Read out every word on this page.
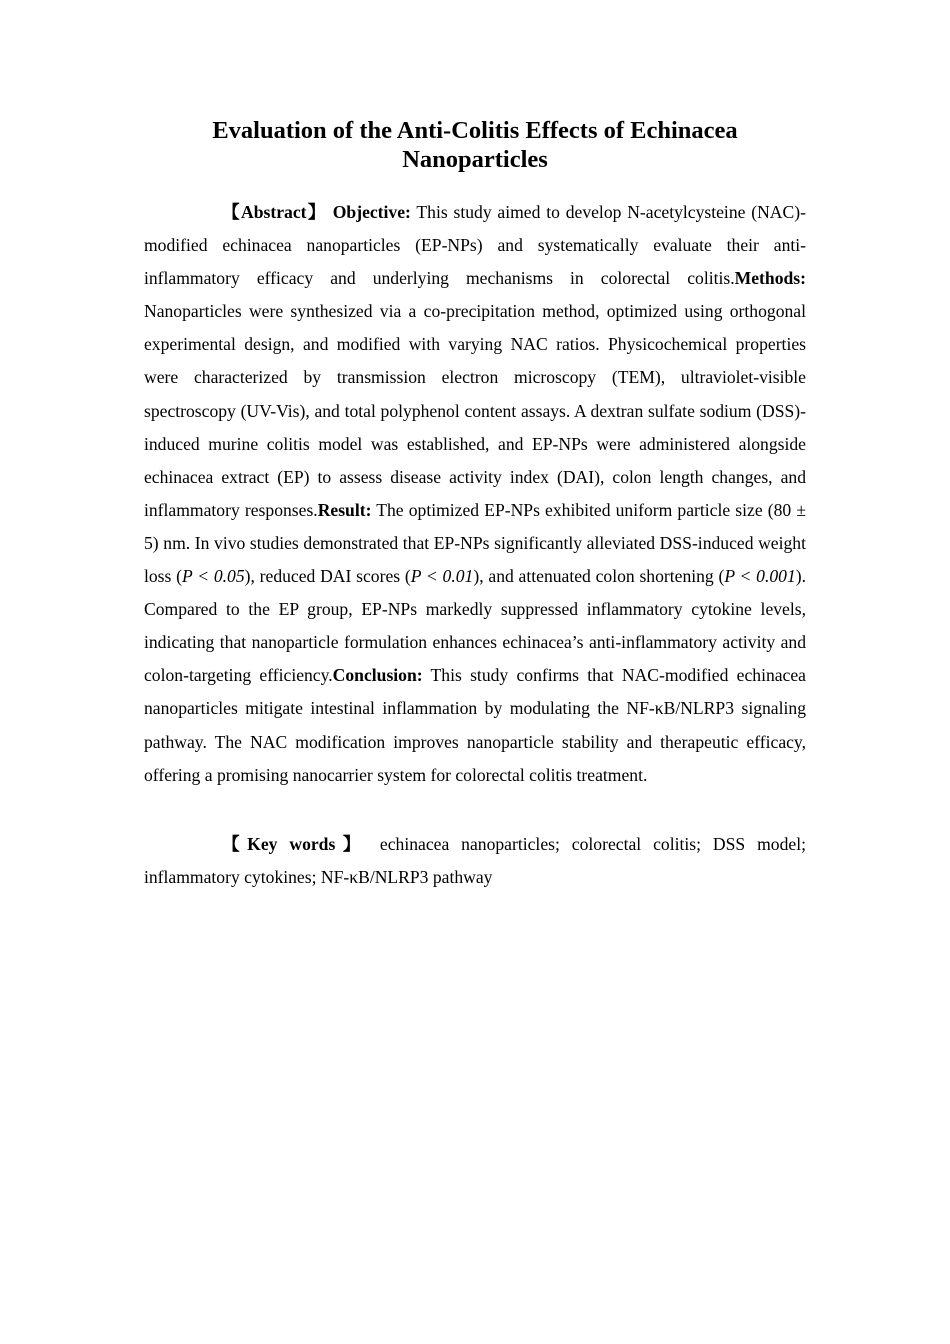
Evaluation of the Anti-Colitis Effects of Echinacea
Nanoparticles

【Abstract】 Objective: This study aimed to develop N-acetylcysteine (NAC)-modified echinacea nanoparticles (EP-NPs) and systematically evaluate their anti-inflammatory efficacy and underlying mechanisms in colorectal colitis.Methods: Nanoparticles were synthesized via a co-precipitation method, optimized using orthogonal experimental design, and modified with varying NAC ratios. Physicochemical properties were characterized by transmission electron microscopy (TEM), ultraviolet-visible spectroscopy (UV-Vis), and total polyphenol content assays. A dextran sulfate sodium (DSS)-induced murine colitis model was established, and EP-NPs were administered alongside echinacea extract (EP) to assess disease activity index (DAI), colon length changes, and inflammatory responses.Result: The optimized EP-NPs exhibited uniform particle size (80 ± 5) nm. In vivo studies demonstrated that EP-NPs significantly alleviated DSS-induced weight loss (P < 0.05), reduced DAI scores (P < 0.01), and attenuated colon shortening (P < 0.001). Compared to the EP group, EP-NPs markedly suppressed inflammatory cytokine levels, indicating that nanoparticle formulation enhances echinacea’s anti-inflammatory activity and colon-targeting efficiency.Conclusion: This study confirms that NAC-modified echinacea nanoparticles mitigate intestinal inflammation by modulating the NF-κB/NLRP3 signaling pathway. The NAC modification improves nanoparticle stability and therapeutic efficacy, offering a promising nanocarrier system for colorectal colitis treatment.

【Key words】 echinacea nanoparticles; colorectal colitis; DSS model; inflammatory cytokines; NF-κB/NLRP3 pathway
